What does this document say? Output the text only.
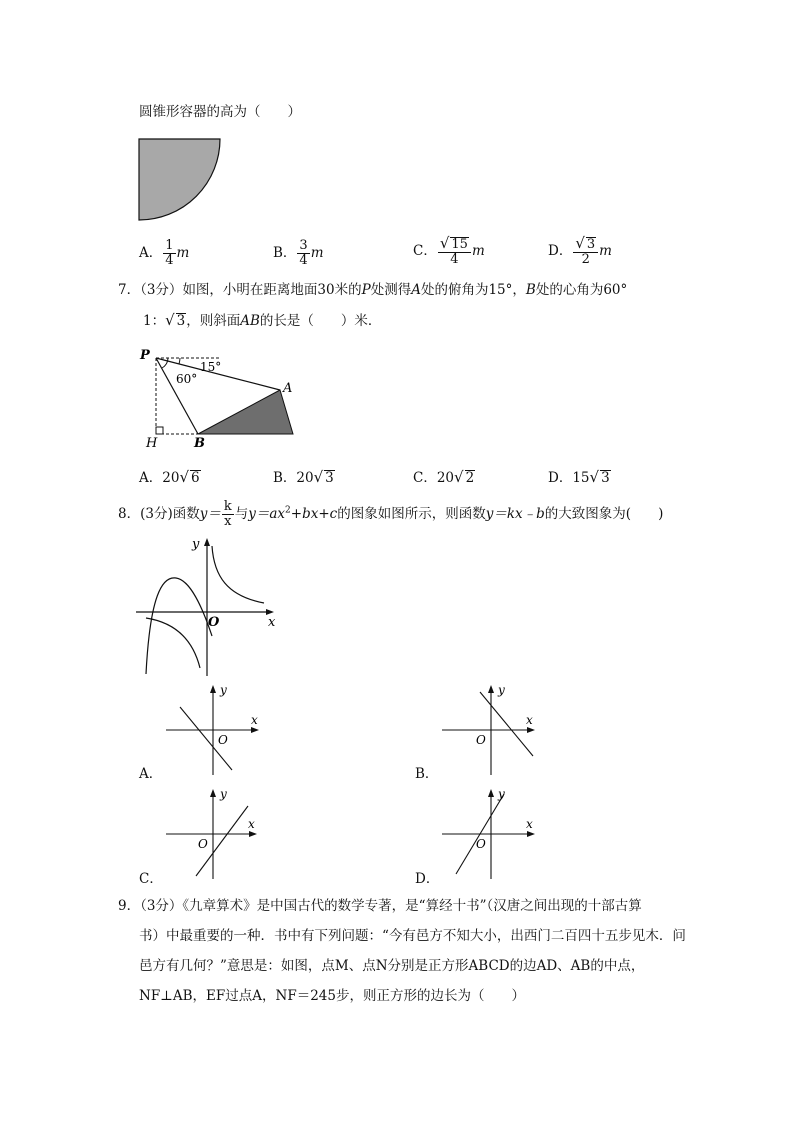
圆锥形容器的高为（　　）
A． $\frac{1}{4}$ m	B． $\frac{3}{4}$ m	C． $\frac{√ 15}{4}$ m	D． $\frac{√ 3}{2}$ m
7．（3分）如图，小明在距离地面30米的P处测得A处的俯角为15°，B处的心角为60°
1：√ 3，则斜面AB的长是（　　）米．
P
A
B
H
15°
60°
A．20√ 6	B．20√ 3	C．20√ 2	D．15√ 3
8．(3分)函数$y= \frac{k}{x}$ 与$y=ax^2+bx+c$的图象如图所示，则函数y＝kx﹣b的大致图象为(　　)
y
x
O
y
x
O
A．
y
x
O
B．
y
x
O
C．
y
x
O
D．
9．（3分）《九章算术》是中国古代的数学专著，是“算经十书”（汉唐之间出现的十部古算
书）中最重要的一种．书中有下列问题：“今有邑方不知大小，出西门二百四十五步见木．问
邑方有几何？”意思是：如图，点M、点N分别是正方形ABCD的边AD、AB的中点，
NF⊥AB，EF过点A，NF＝245步，则正方形的边长为（　　）
